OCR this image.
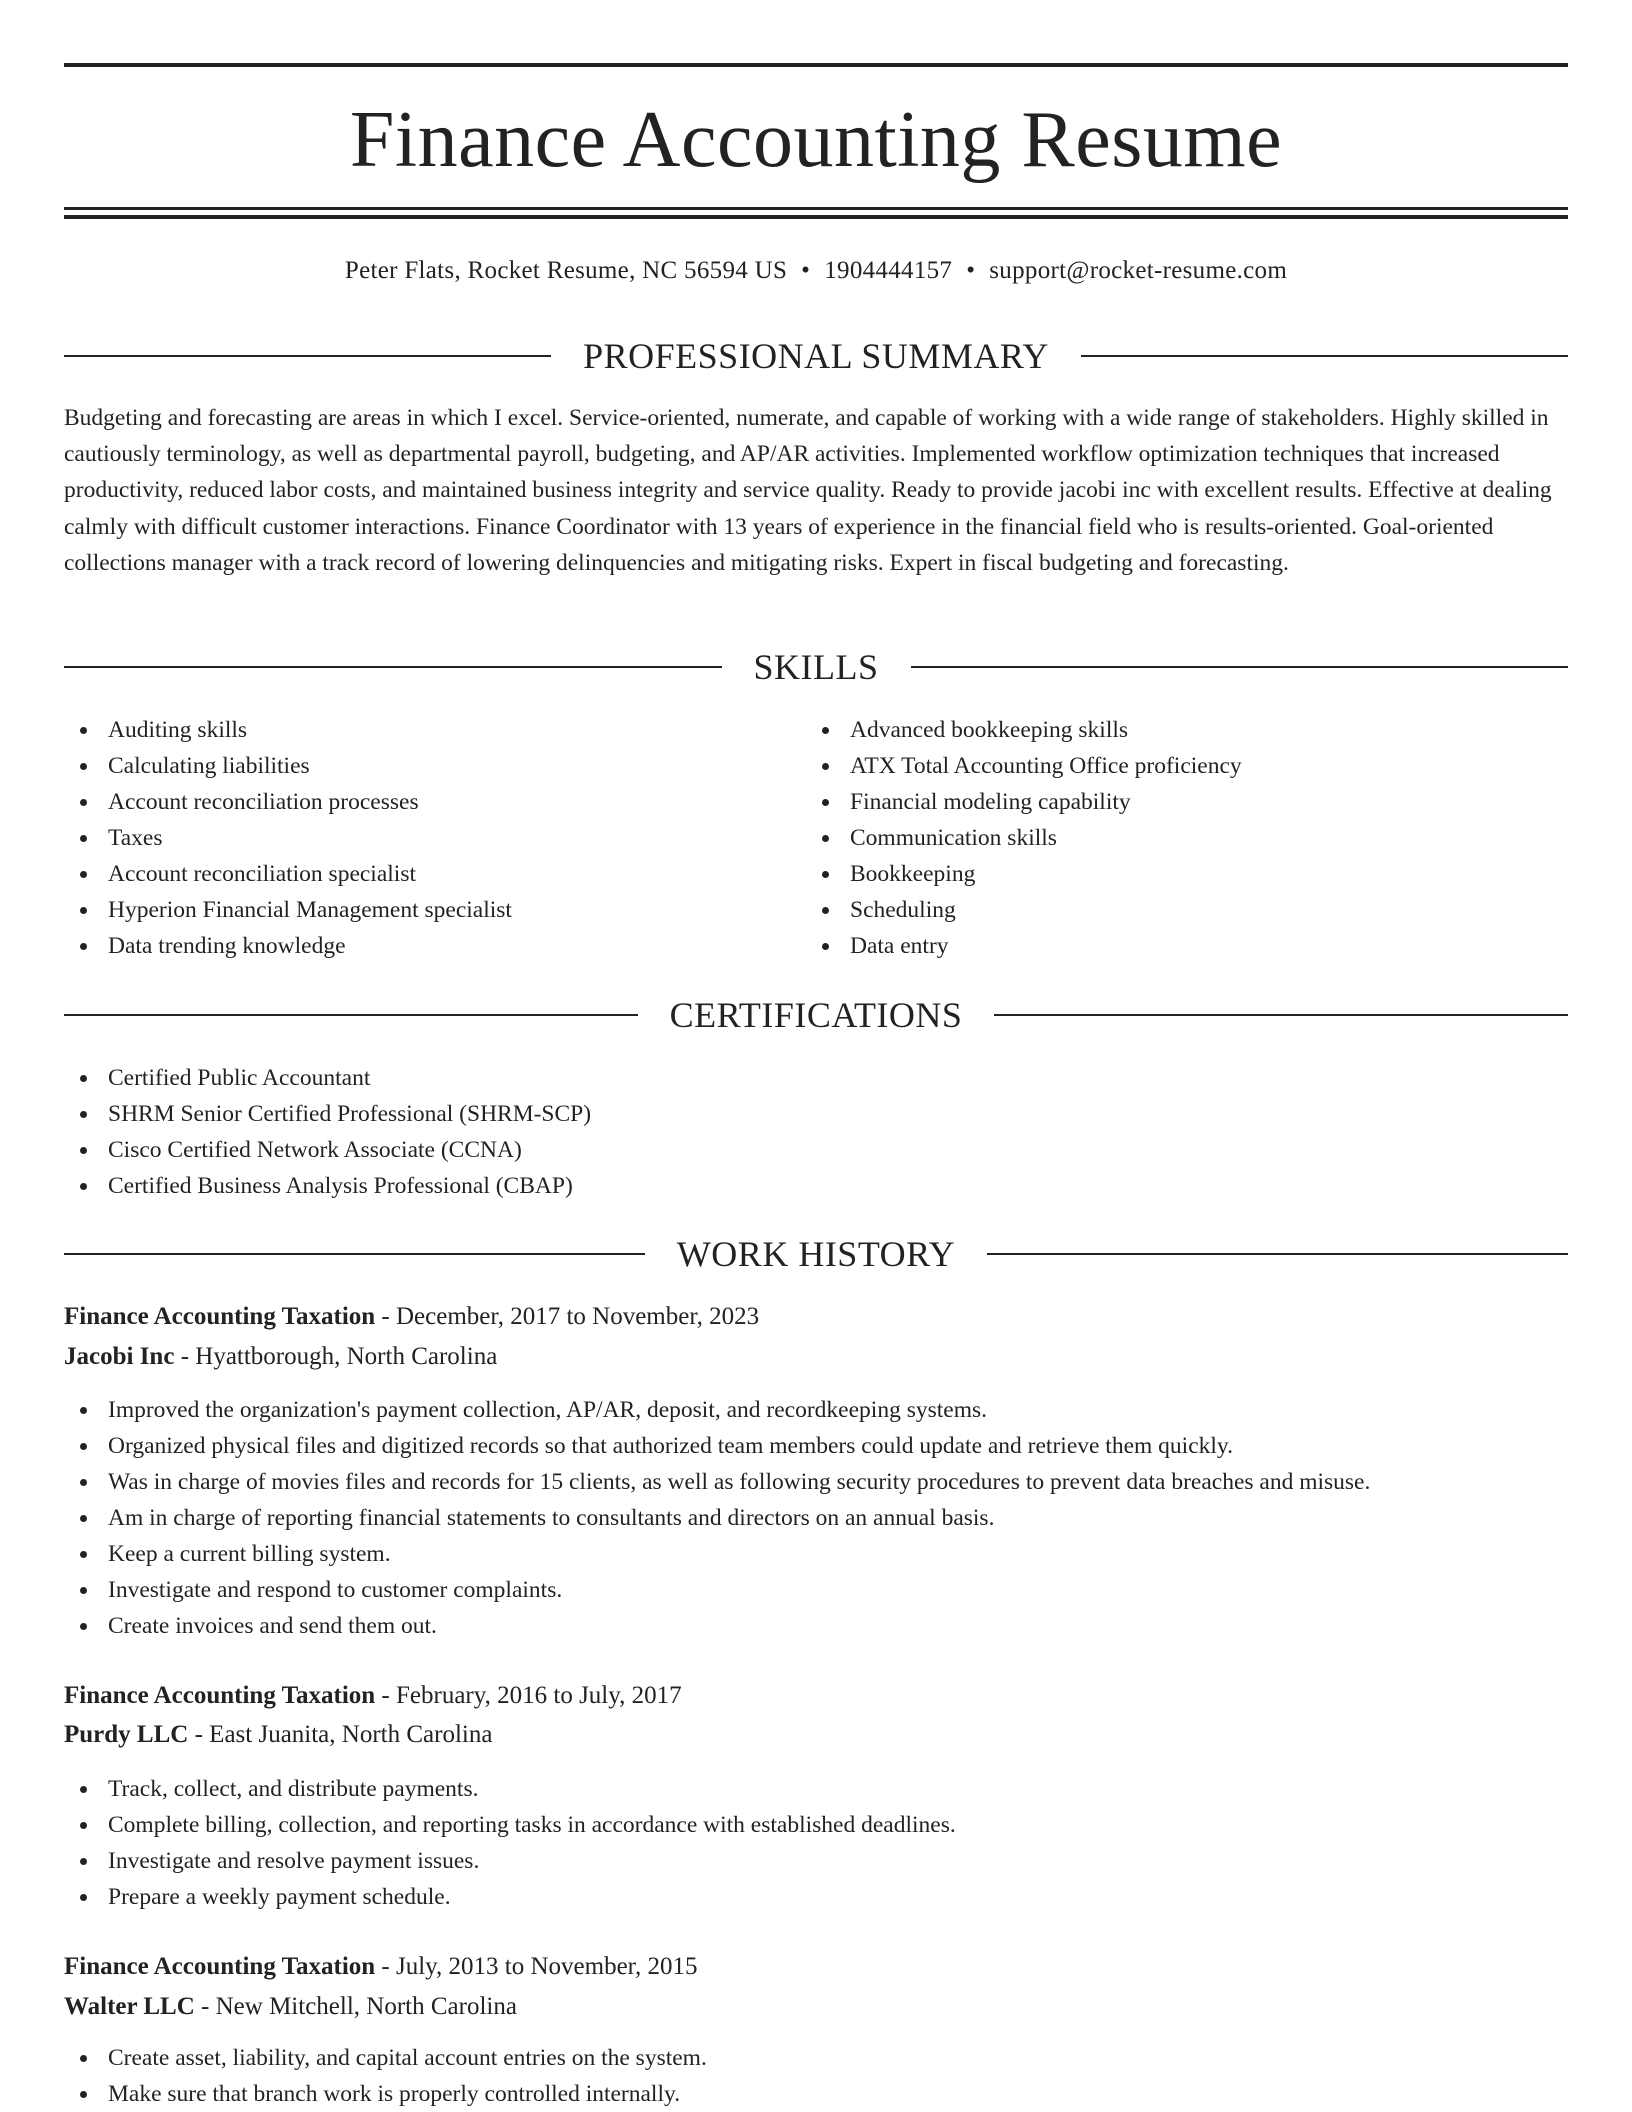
Finance Accounting Resume
Peter Flats, Rocket Resume, NC 56594 US • 1904444157 • support@rocket-resume.com
PROFESSIONAL SUMMARY

Budgeting and forecasting are areas in which I excel. Service-oriented, numerate, and capable of working with a wide range of stakeholders. Highly skilled in cautiously terminology, as well as departmental payroll, budgeting, and AP/AR activities. Implemented workflow optimization techniques that increased productivity, reduced labor costs, and maintained business integrity and service quality. Ready to provide jacobi inc with excellent results. Effective at dealing calmly with difficult customer interactions. Finance Coordinator with 13 years of experience in the financial field who is results-oriented. Goal-oriented collections manager with a track record of lowering delinquencies and mitigating risks. Expert in fiscal budgeting and forecasting.

SKILLS
Auditing skills
Calculating liabilities
Account reconciliation processes
Taxes
Account reconciliation specialist
Hyperion Financial Management specialist
Data trending knowledge
Advanced bookkeeping skills
ATX Total Accounting Office proficiency
Financial modeling capability
Communication skills
Bookkeeping
Scheduling
Data entry
CERTIFICATIONS
Certified Public Accountant
SHRM Senior Certified Professional (SHRM-SCP)
Cisco Certified Network Associate (CCNA)
Certified Business Analysis Professional (CBAP)
WORK HISTORY
Finance Accounting Taxation - December, 2017 to November, 2023
Jacobi Inc - Hyattborough, North Carolina
Improved the organization's payment collection, AP/AR, deposit, and recordkeeping systems.
Organized physical files and digitized records so that authorized team members could update and retrieve them quickly.
Was in charge of movies files and records for 15 clients, as well as following security procedures to prevent data breaches and misuse.
Am in charge of reporting financial statements to consultants and directors on an annual basis.
Keep a current billing system.
Investigate and respond to customer complaints.
Create invoices and send them out.
Finance Accounting Taxation - February, 2016 to July, 2017
Purdy LLC - East Juanita, North Carolina
Track, collect, and distribute payments.
Complete billing, collection, and reporting tasks in accordance with established deadlines.
Investigate and resolve payment issues.
Prepare a weekly payment schedule.
Finance Accounting Taxation - July, 2013 to November, 2015
Walter LLC - New Mitchell, North Carolina
Create asset, liability, and capital account entries on the system.
Make sure that branch work is properly controlled internally.
